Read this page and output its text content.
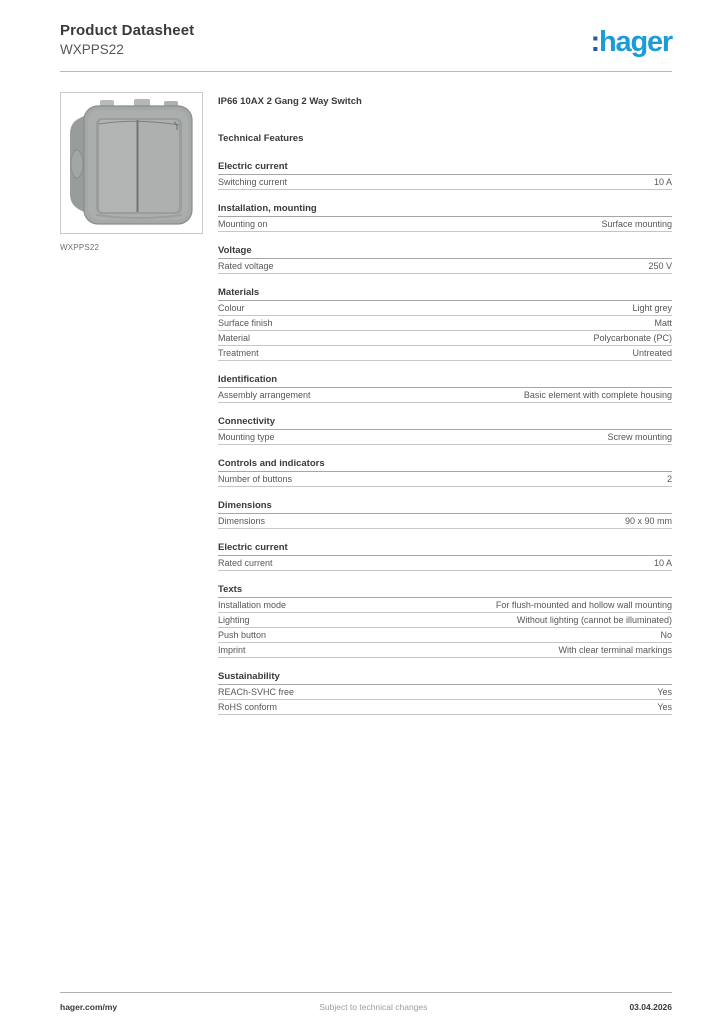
Product Datasheet
WXPPS22	:hager
WXPPS22
IP66 10AX 2 Gang 2 Way Switch
Technical Features
Electric current
Switching current	10 A
Installation, mounting
Mounting on	Surface mounting
Voltage
Rated voltage	250 V
Materials
Colour	Light grey
Surface finish	Matt
Material	Polycarbonate (PC)
Treatment	Untreated
Identification
Assembly arrangement	Basic element with complete housing
Connectivity
Mounting type	Screw mounting
Controls and indicators
Number of buttons	2
Dimensions
Dimensions	90 x 90 mm
Electric current
Rated current	10 A
Texts
Installation mode	For flush-mounted and hollow wall mounting
Lighting	Without lighting (cannot be illuminated)
Push button	No
Imprint	With clear terminal markings
Sustainability
REACh-SVHC free	Yes
RoHS conform	Yes
hager.com/my	Subject to technical changes	03.04.2026
